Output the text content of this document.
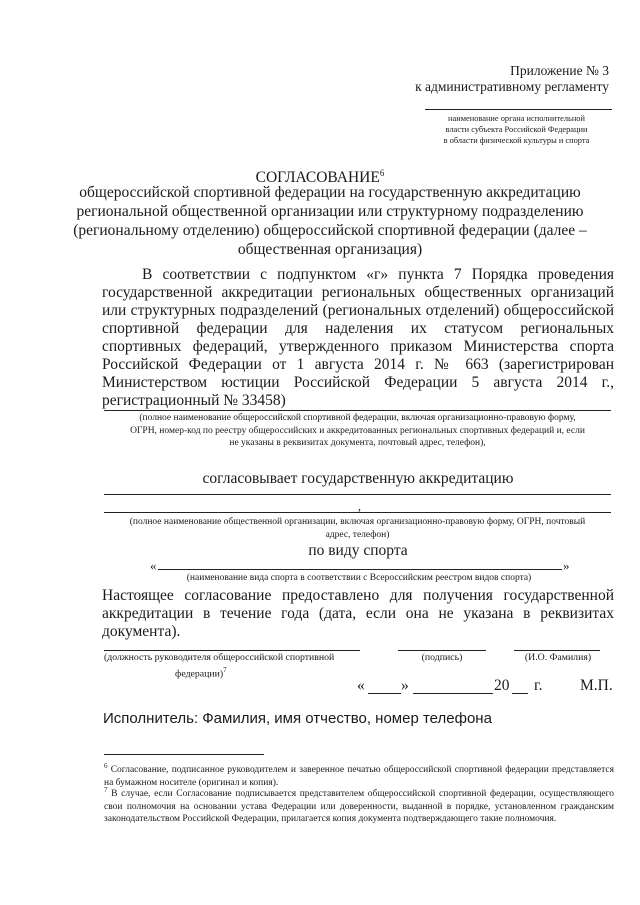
Приложение № 3
к административному регламенту
наименование органа исполнительной
власти субъекта Российской Федерации
в области физической культуры и спорта
СОГЛАСОВАНИЕ$^6$
общероссийской спортивной федерации на государственную аккредитацию
региональной общественной организации или структурному подразделению
(региональному отделению) общероссийской спортивной федерации (далее –
общественная организация)
В соответствии с подпунктом «г» пункта 7 Порядка проведения государственной аккредитации региональных общественных организаций или структурных подразделений (региональных отделений) общероссийской спортивной федерации для наделения их статусом региональных спортивных федераций, утвержденного приказом Министерства спорта Российской Федерации от 1 августа 2014 г. № 663 (зарегистрирован Министерством юстиции Российской Федерации 5 августа 2014 г., регистрационный № 33458)
(полное наименование общероссийской спортивной федерации, включая организационно-правовую форму,
ОГРН, номер-код по реестру общероссийских и аккредитованных региональных спортивных федераций и, если
не указаны в реквизитах документа, почтовый адрес, телефон),
согласовывает государственную аккредитацию
,
(полное наименование общественной организации, включая организационно-правовую форму, ОГРН, почтовый
адрес, телефон)
по виду спорта
«	»
(наименование вида спорта в соответствии с Всероссийским реестром видов спорта)
Настоящее согласование предоставлено для получения государственной
аккредитации в течение года (дата, если она не указана в реквизитах
документа).
(должность руководителя общероссийской спортивной
федерации)$^7$
(подпись)	(И.О. Фамилия)
« »	20 г. М.П.
Исполнитель: Фамилия, имя отчество, номер телефона
$^6$ Согласование, подписанное руководителем и заверенное печатью общероссийской спортивной федерации представляется на бумажном носителе (оригинал и копия).
$^7$ В случае, если Согласование подписывается представителем общероссийской спортивной федерации, осуществляющего свои полномочия на основании устава Федерации или доверенности, выданной в порядке, установленном гражданским законодательством Российской Федерации, прилагается копия документа подтверждающего такие полномочия.
